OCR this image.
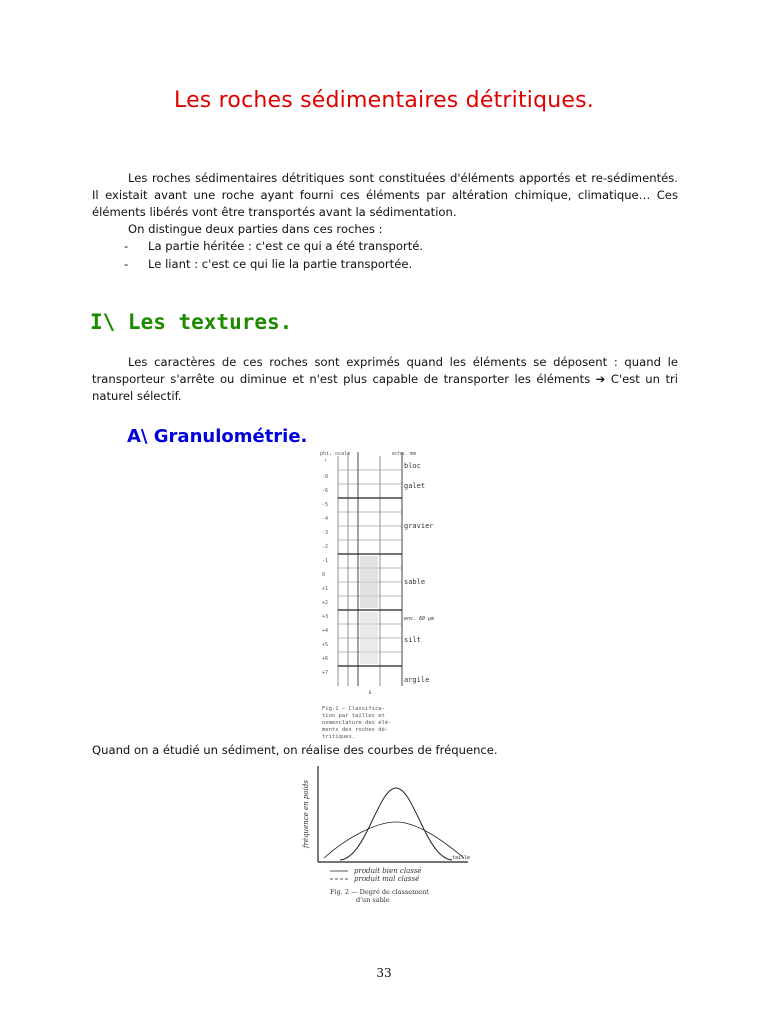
Les roches sédimentaires détritiques.
Les roches sédimentaires détritiques sont constituées d'éléments apportés et re-sédimentés. Il existait avant une roche ayant fourni ces éléments par altération chimique, climatique… Ces éléments libérés vont être transportés avant la sédimentation.
On distingue deux parties dans ces roches :
- La partie héritée : c'est ce qui a été transporté.
- Le liant : c'est ce qui lie la partie transportée.
I\ Les textures.
Les caractères de ces roches sont exprimés quand les éléments se déposent : quand le transporteur s'arrête ou diminue et n'est plus capable de transporter les éléments ➔ C'est un tri naturel sélectif.
A\ Granulométrie.
phi, ocale	écha. mm
↑
-8
-6
-5
-4
-3
-2
-1
0
+1
+2
+3
+4
+5
+6
+7
bloc
galet
gravier
sable
env. 60 µm
silt
argile
↓
Fig.1 — Classifica-
tion par tailles et
nomenclature des élé-
ments des roches dé-
tritiques.
Quand on a étudié un sédiment, on réalise des courbes de fréquence.
fréquence en poids
taille
produit bien classé
produit mal classé
Fig. 2 — Degré de classement
d'un sable
33
